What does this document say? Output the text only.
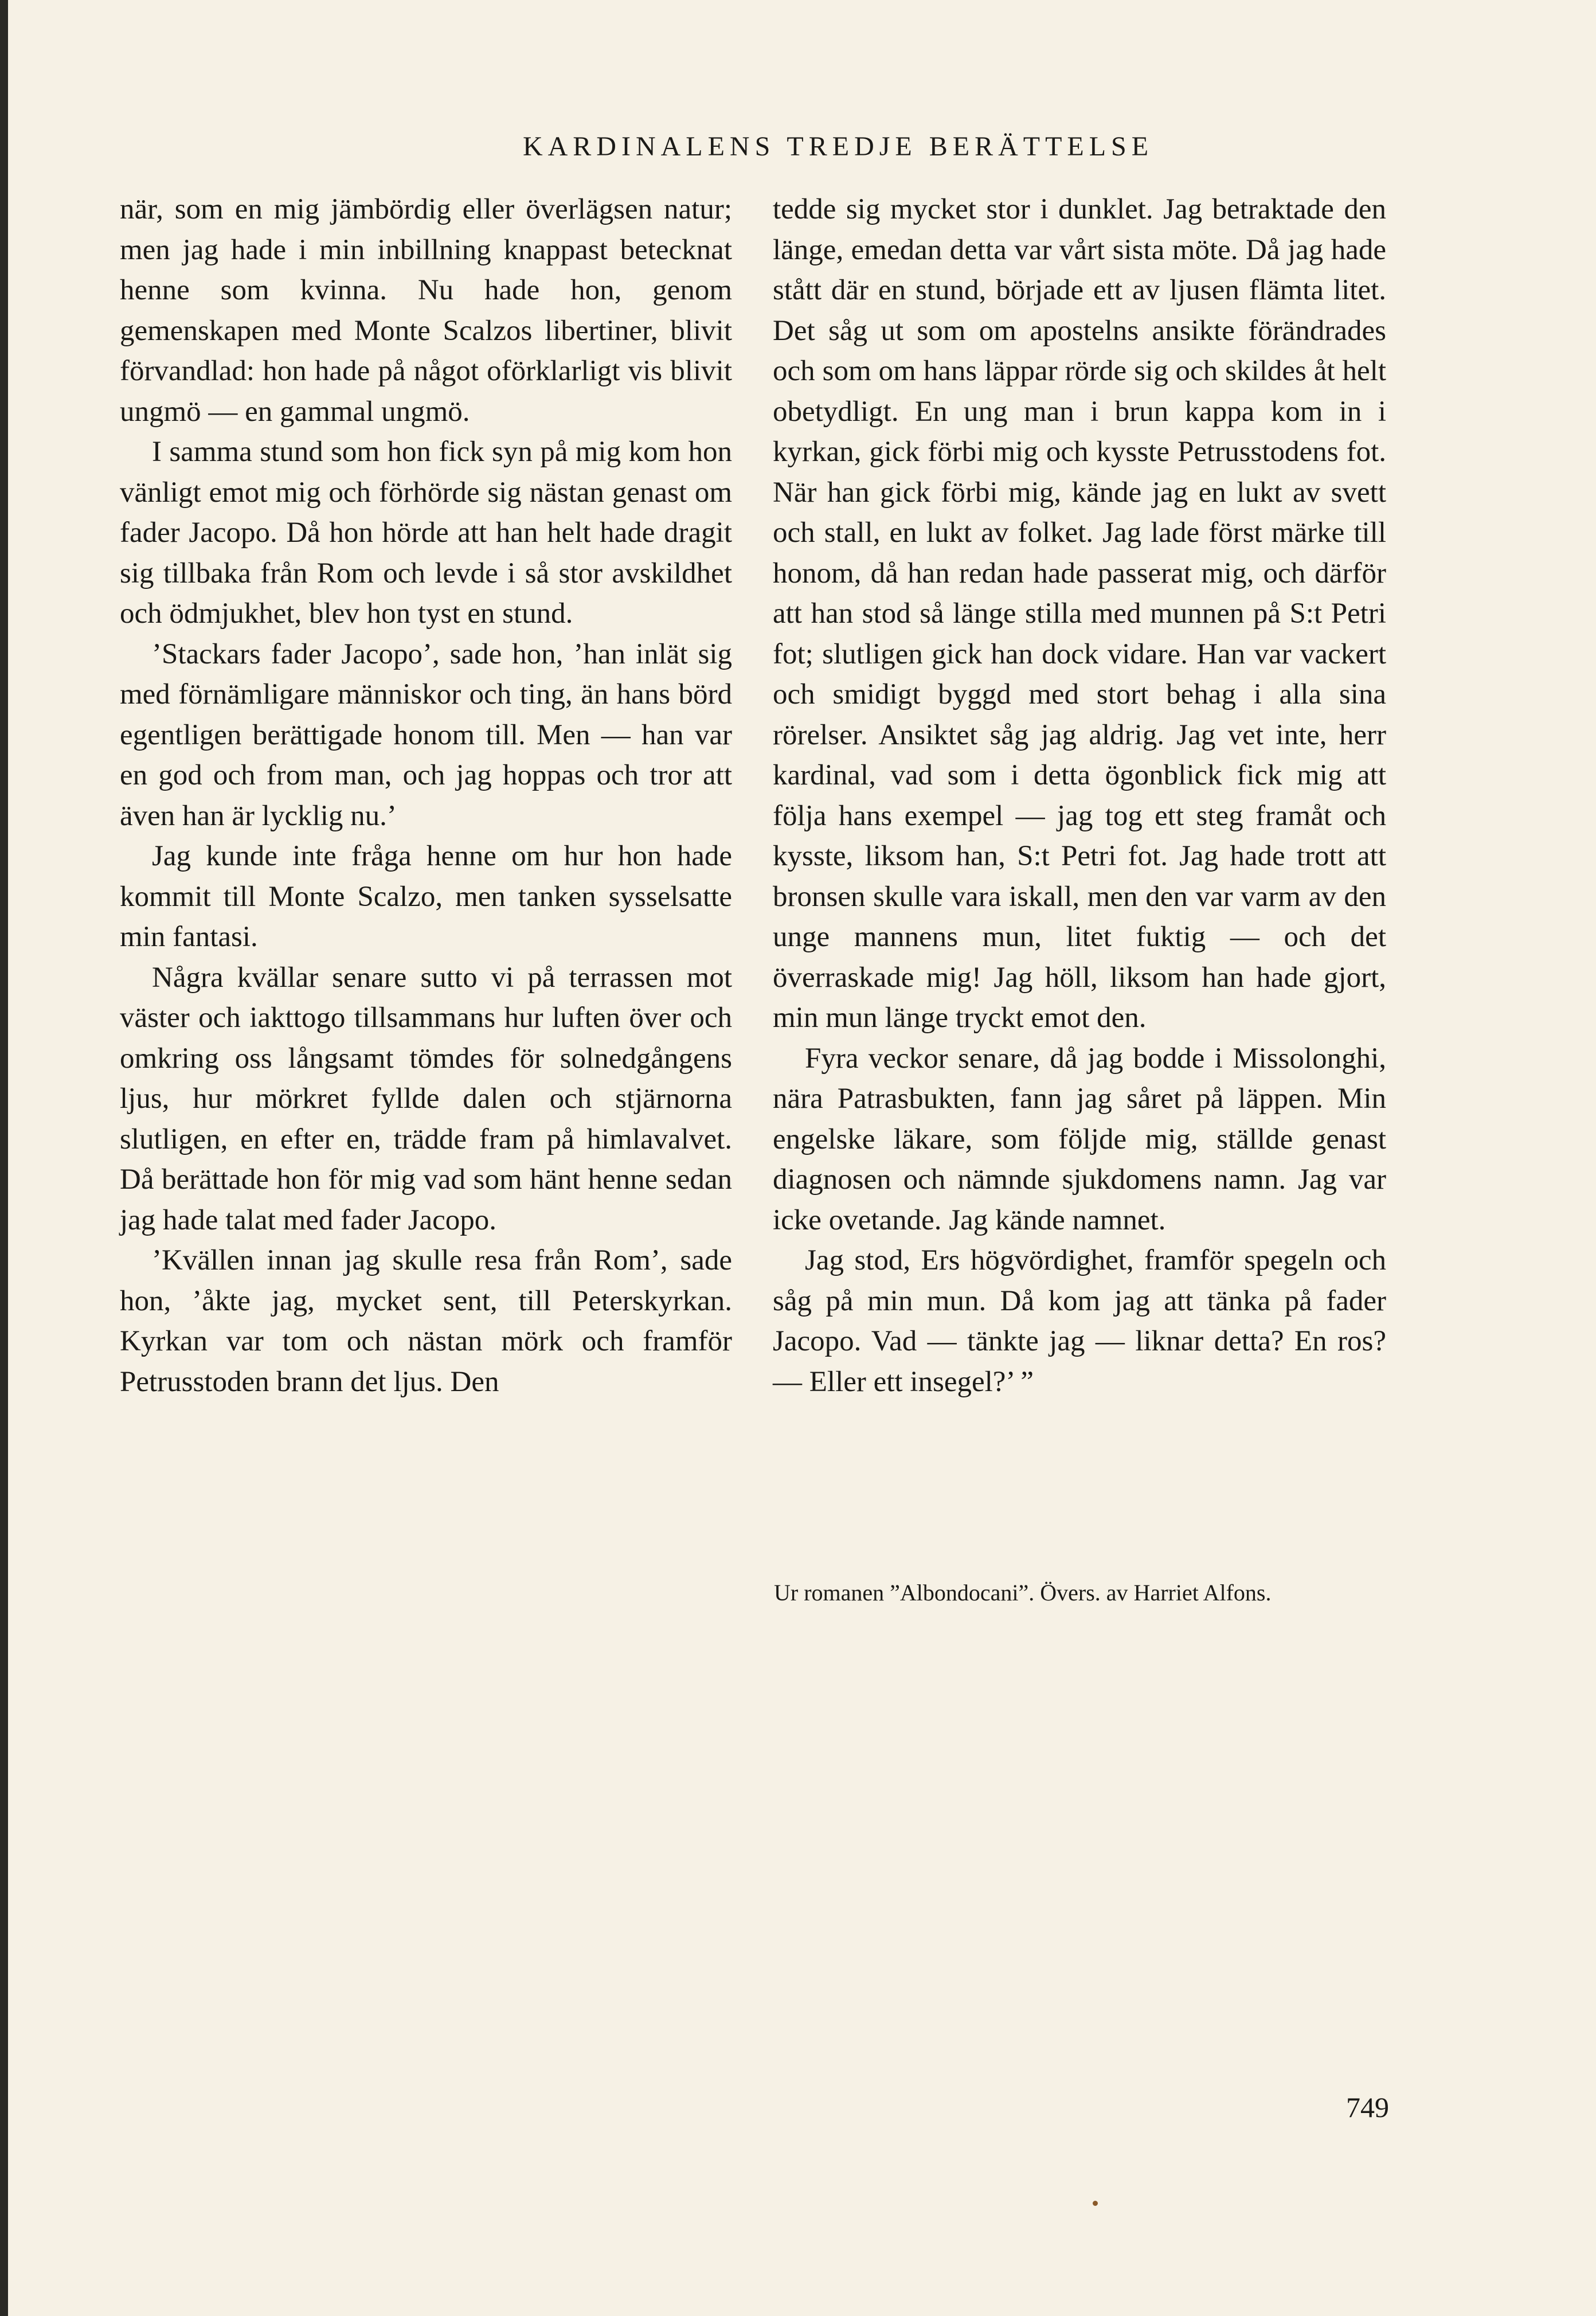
KARDINALENS TREDJE BERÄTTELSE

när, som en mig jämbördig eller överlägsen natur; men jag hade i min inbillning knappast betecknat henne som kvinna. Nu hade hon, genom gemenskapen med Monte Scalzos libertiner, blivit förvandlad: hon hade på något oförklarligt vis blivit ungmö — en gammal ungmö.

I samma stund som hon fick syn på mig kom hon vänligt emot mig och förhörde sig nästan genast om fader Jacopo. Då hon hörde att han helt hade dragit sig tillbaka från Rom och levde i så stor avskildhet och ödmjukhet, blev hon tyst en stund.

’Stackars fader Jacopo’, sade hon, ’han inlät sig med förnämligare människor och ting, än hans börd egentligen berättigade honom till. Men — han var en god och from man, och jag hoppas och tror att även han är lycklig nu.’

Jag kunde inte fråga henne om hur hon hade kommit till Monte Scalzo, men tanken sysselsatte min fantasi.

Några kvällar senare sutto vi på terrassen mot väster och iakttogo tillsammans hur luften över och omkring oss långsamt tömdes för solnedgångens ljus, hur mörkret fyllde dalen och stjärnorna slutligen, en efter en, trädde fram på himlavalvet. Då berättade hon för mig vad som hänt henne sedan jag hade talat med fader Jacopo.

’Kvällen innan jag skulle resa från Rom’, sade hon, ’åkte jag, mycket sent, till Peterskyrkan. Kyrkan var tom och nästan mörk och framför Petrusstoden brann det ljus. Den

tedde sig mycket stor i dunklet. Jag betraktade den länge, emedan detta var vårt sista möte. Då jag hade stått där en stund, började ett av ljusen flämta litet. Det såg ut som om apostelns ansikte förändrades och som om hans läppar rörde sig och skildes åt helt obetydligt. En ung man i brun kappa kom in i kyrkan, gick förbi mig och kysste Petrusstodens fot. När han gick förbi mig, kände jag en lukt av svett och stall, en lukt av folket. Jag lade först märke till honom, då han redan hade passerat mig, och därför att han stod så länge stilla med munnen på S:t Petri fot; slutligen gick han dock vidare. Han var vackert och smidigt byggd med stort behag i alla sina rörelser. Ansiktet såg jag aldrig. Jag vet inte, herr kardinal, vad som i detta ögonblick fick mig att följa hans exempel — jag tog ett steg framåt och kysste, liksom han, S:t Petri fot. Jag hade trott att bronsen skulle vara iskall, men den var varm av den unge mannens mun, litet fuktig — och det överraskade mig! Jag höll, liksom han hade gjort, min mun länge tryckt emot den.

Fyra veckor senare, då jag bodde i Missolonghi, nära Patrasbukten, fann jag såret på läppen. Min engelske läkare, som följde mig, ställde genast diagnosen och nämnde sjukdomens namn. Jag var icke ovetande. Jag kände namnet.

Jag stod, Ers högvördighet, framför spegeln och såg på min mun. Då kom jag att tänka på fader Jacopo. Vad — tänkte jag — liknar detta? En ros? — Eller ett insegel?’ ”

Ur romanen ”Albondocani”. Övers. av Harriet Alfons.
749
